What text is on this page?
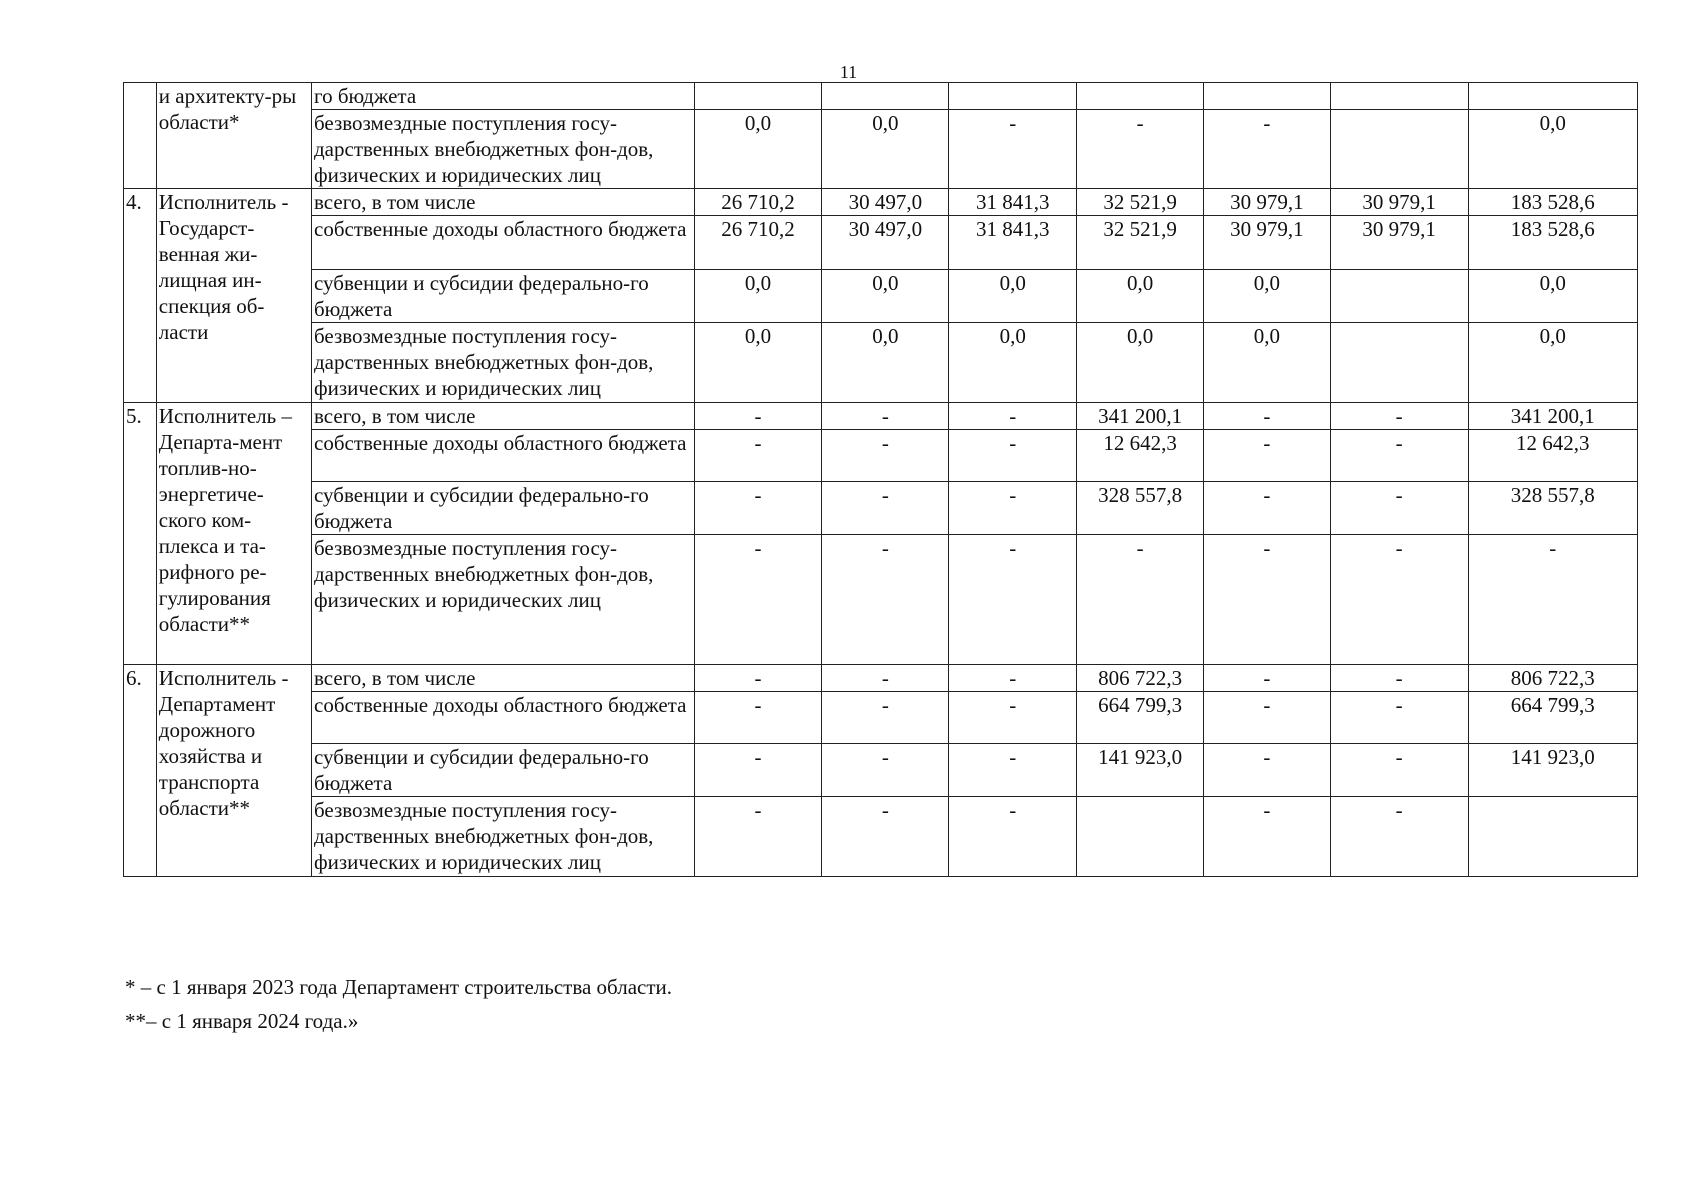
11
	и архитекту-ры области*	го бюджета							
		безвозмездные поступления госу-дарственных внебюджетных фон-дов, физических и юридических лиц	0,0	0,0	-	-	-		0,0
4.	Исполнитель - Государст-венная жи-лищная ин-спекция об-ласти	всего, в том числе	26 710,2	30 497,0	31 841,3	32 521,9	30 979,1	30 979,1	183 528,6
		собственные доходы областного бюджета	26 710,2	30 497,0	31 841,3	32 521,9	30 979,1	30 979,1	183 528,6
		субвенции и субсидии федерально-го бюджета	0,0	0,0	0,0	0,0	0,0		0,0
		безвозмездные поступления госу-дарственных внебюджетных фон-дов, физических и юридических лиц	0,0	0,0	0,0	0,0	0,0		0,0
5.	Исполнитель – Департа-мент топлив-но-энергетиче-ского ком-плекса и та-рифного ре-гулирования области**	всего, в том числе	-	-	-	341 200,1	-	-	341 200,1
		собственные доходы областного бюджета	-	-	-	12 642,3	-	-	12 642,3
		субвенции и субсидии федерально-го бюджета	-	-	-	328 557,8	-	-	328 557,8
		безвозмездные поступления госу-дарственных внебюджетных фон-дов, физических и юридических лиц	-	-	-	-	-	-	-
6.	Исполнитель - Департамент дорожного хозяйства и транспорта области**	всего, в том числе	-	-	-	806 722,3	-	-	806 722,3
		собственные доходы областного бюджета	-	-	-	664 799,3	-	-	664 799,3
		субвенции и субсидии федерально-го бюджета	-	-	-	141 923,0	-	-	141 923,0
		безвозмездные поступления госу-дарственных внебюджетных фон-дов, физических и юридических лиц	-	-	-		-	-	
* – с 1 января 2023 года Департамент строительства области.
**– с 1 января 2024 года.»
